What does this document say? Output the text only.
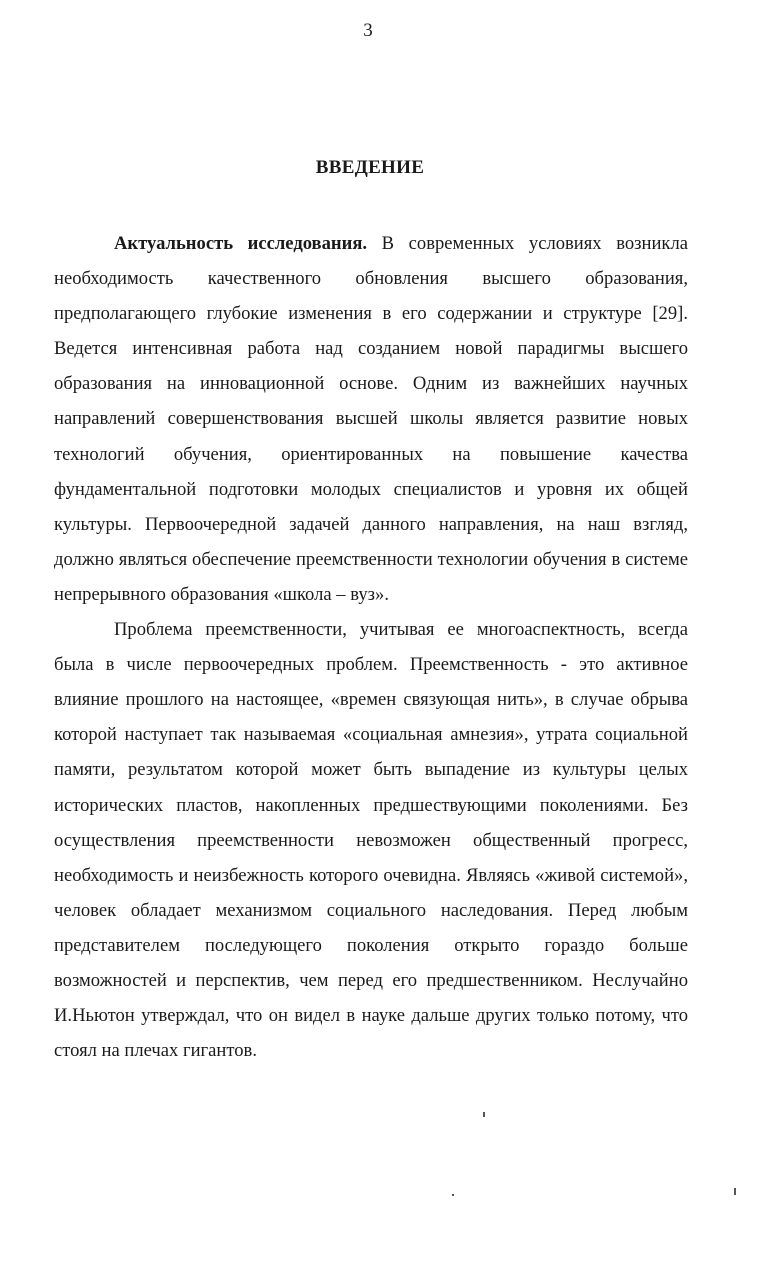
3
ВВЕДЕНИЕ

Актуальность исследования. В современных условиях возникла необходимость качественного обновления высшего образования, предполагающего глубокие изменения в его содержании и структуре [29]. Ведется интенсивная работа над созданием новой парадигмы высшего образования на инновационной основе. Одним из важнейших научных направлений совершенствования высшей школы является развитие новых технологий обучения, ориентированных на повышение качества фундаментальной подготовки молодых специалистов и уровня их общей культуры. Первоочередной задачей данного направления, на наш взгляд, должно являться обеспечение преемственности технологии обучения в системе непрерывного образования «школа – вуз».

Проблема преемственности, учитывая ее многоаспектность, всегда была в числе первоочередных проблем. Преемственность - это активное влияние прошлого на настоящее, «времен связующая нить», в случае обрыва которой наступает так называемая «социальная амнезия», утрата социальной памяти, результатом которой может быть выпадение из культуры целых исторических пластов, накопленных предшествующими поколениями. Без осуществления преемственности невозможен общественный прогресс, необходимость и неизбежность которого очевидна. Являясь «живой системой», человек обладает механизмом социального наследования. Перед любым представителем последующего поколения открыто гораздо больше возможностей и перспектив, чем перед его предшественником. Неслучайно И.Ньютон утверждал, что он видел в науке дальше других только потому, что стоял на плечах гигантов.
